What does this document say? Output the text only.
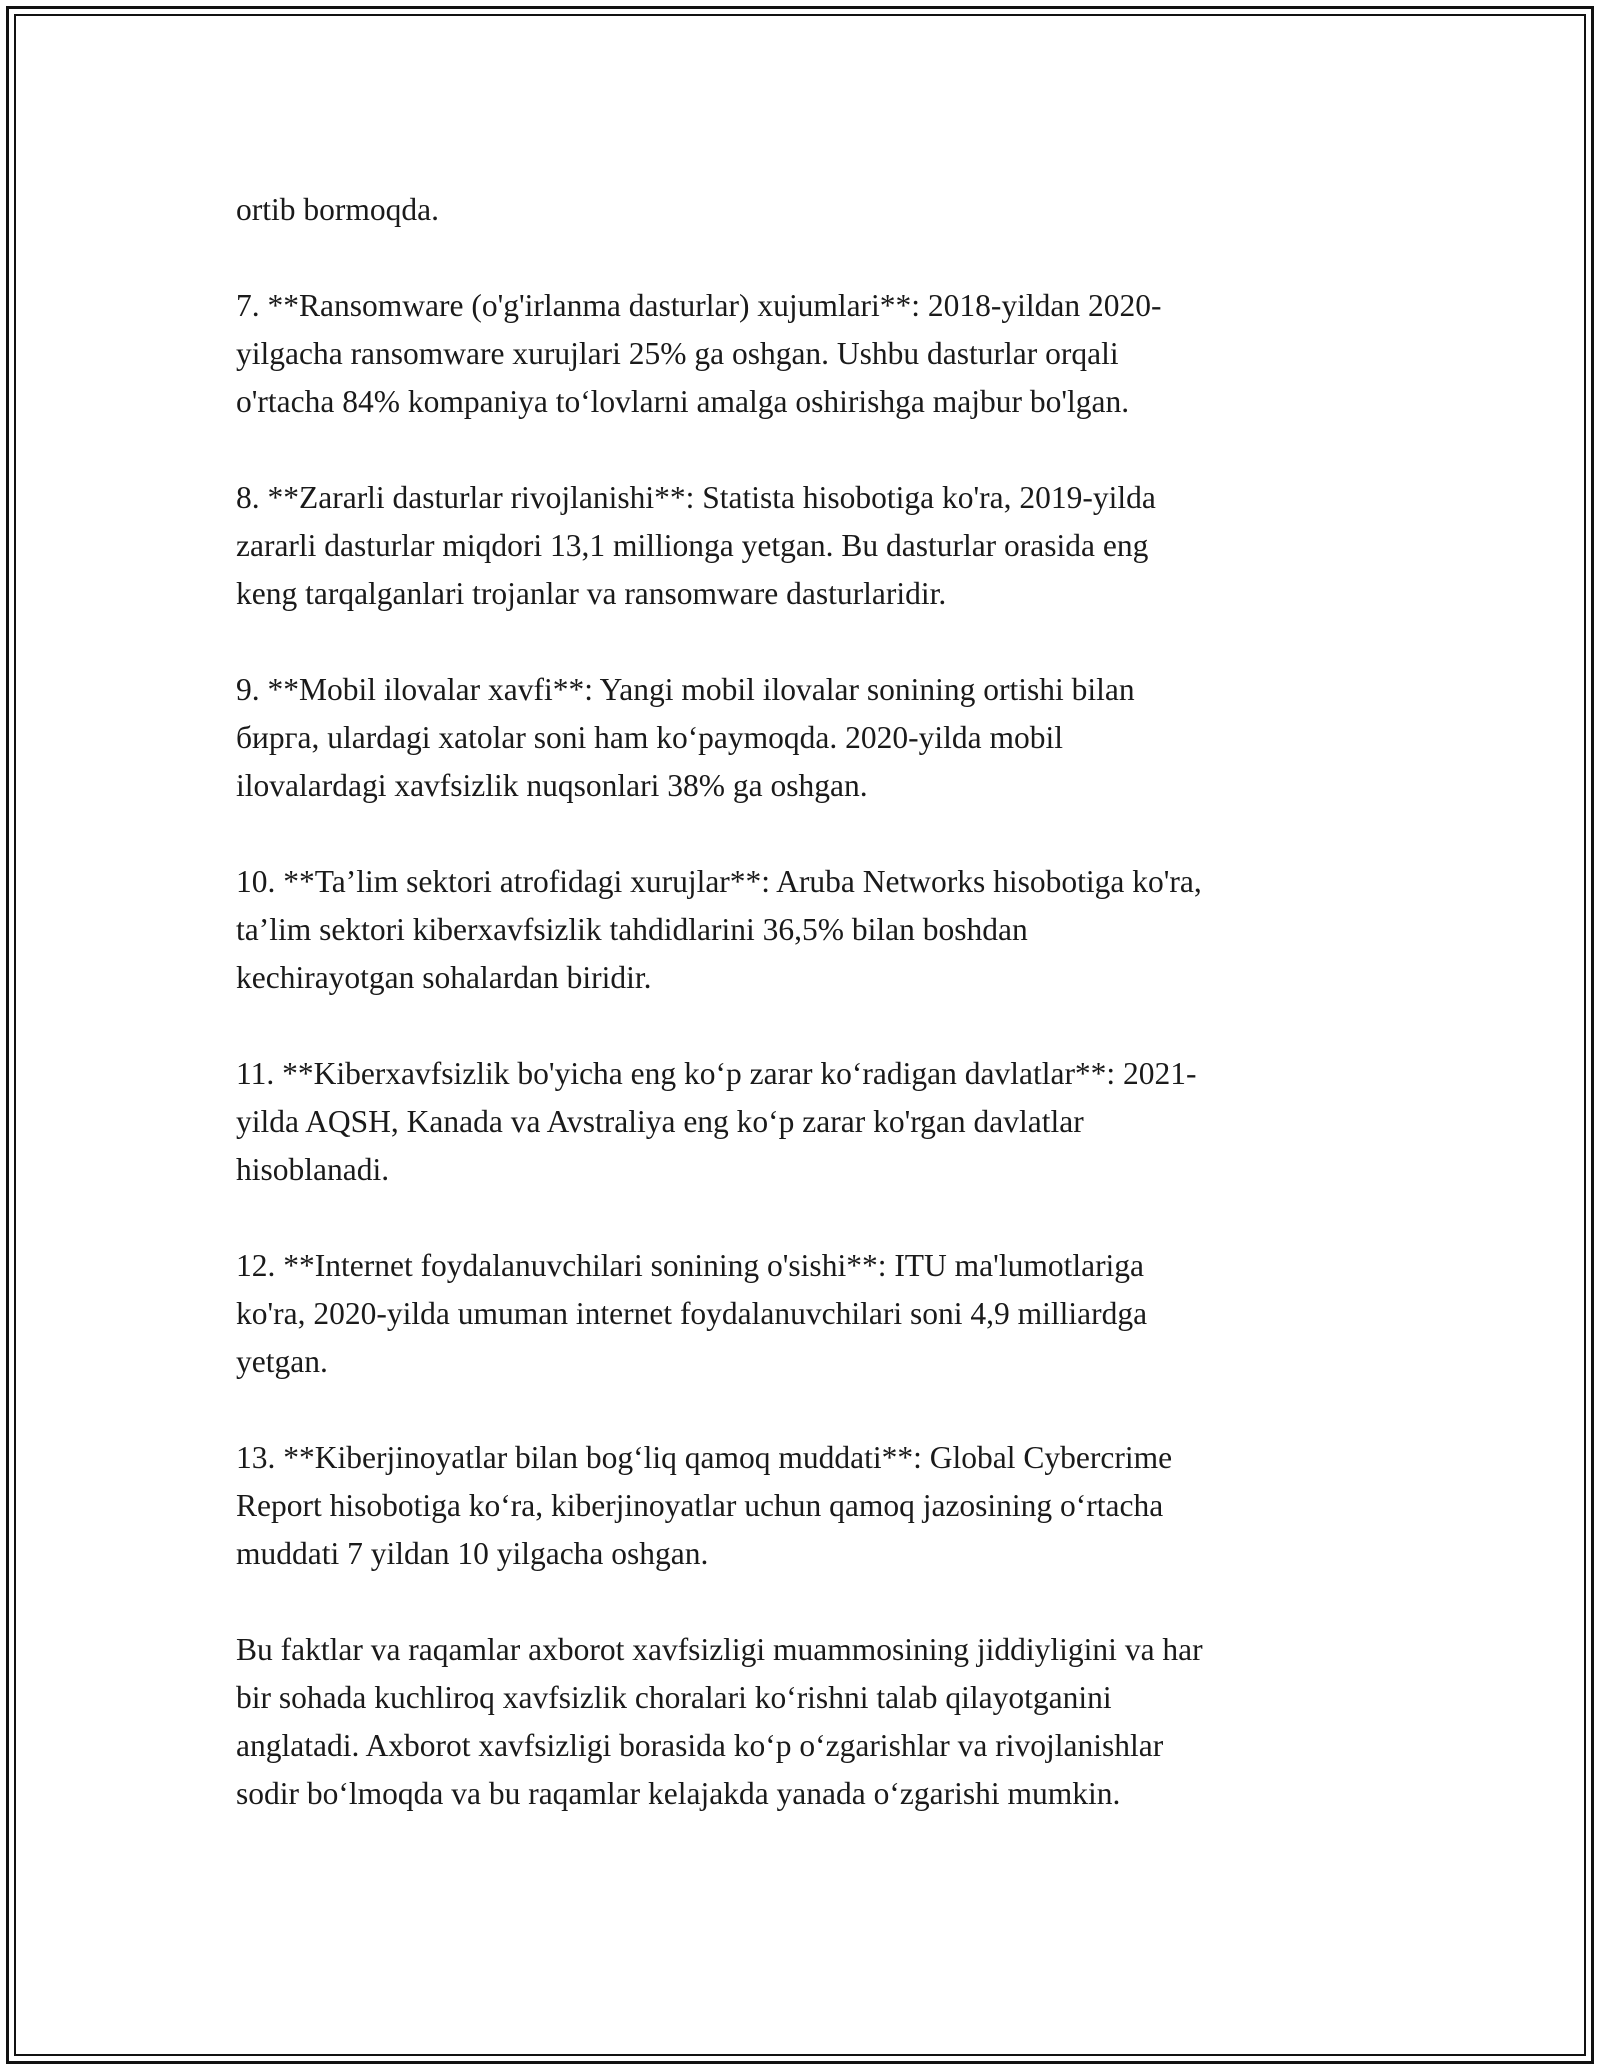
ortib bormoqda.

7. **Ransomware (o'g'irlanma dasturlar) xujumlari**: 2018-yildan 2020-
yilgacha ransomware xurujlari 25% ga oshgan. Ushbu dasturlar orqali
o'rtacha 84% kompaniya to‘lovlarni amalga oshirishga majbur bo'lgan.

8. **Zararli dasturlar rivojlanishi**: Statista hisobotiga ko'ra, 2019-yilda
zararli dasturlar miqdori 13,1 millionga yetgan. Bu dasturlar orasida eng
keng tarqalganlari trojanlar va ransomware dasturlaridir.

9. **Mobil ilovalar xavfi**: Yangi mobil ilovalar sonining ortishi bilan
бирга, ulardagi xatolar soni ham ko‘paymoqda. 2020-yilda mobil
ilovalardagi xavfsizlik nuqsonlari 38% ga oshgan.

10. **Ta’lim sektori atrofidagi xurujlar**: Aruba Networks hisobotiga ko'ra,
ta’lim sektori kiberxavfsizlik tahdidlarini 36,5% bilan boshdan
kechirayotgan sohalardan biridir.

11. **Kiberxavfsizlik bo'yicha eng ko‘p zarar ko‘radigan davlatlar**: 2021-
yilda AQSH, Kanada va Avstraliya eng ko‘p zarar ko'rgan davlatlar
hisoblanadi.

12. **Internet foydalanuvchilari sonining o'sishi**: ITU ma'lumotlariga
ko'ra, 2020-yilda umuman internet foydalanuvchilari soni 4,9 milliardga
yetgan.

13. **Kiberjinoyatlar bilan bog‘liq qamoq muddati**: Global Cybercrime
Report hisobotiga ko‘ra, kiberjinoyatlar uchun qamoq jazosining o‘rtacha
muddati 7 yildan 10 yilgacha oshgan.

Bu faktlar va raqamlar axborot xavfsizligi muammosining jiddiyligini va har
bir sohada kuchliroq xavfsizlik choralari ko‘rishni talab qilayotganini
anglatadi. Axborot xavfsizligi borasida ko‘p o‘zgarishlar va rivojlanishlar
sodir bo‘lmoqda va bu raqamlar kelajakda yanada o‘zgarishi mumkin.
